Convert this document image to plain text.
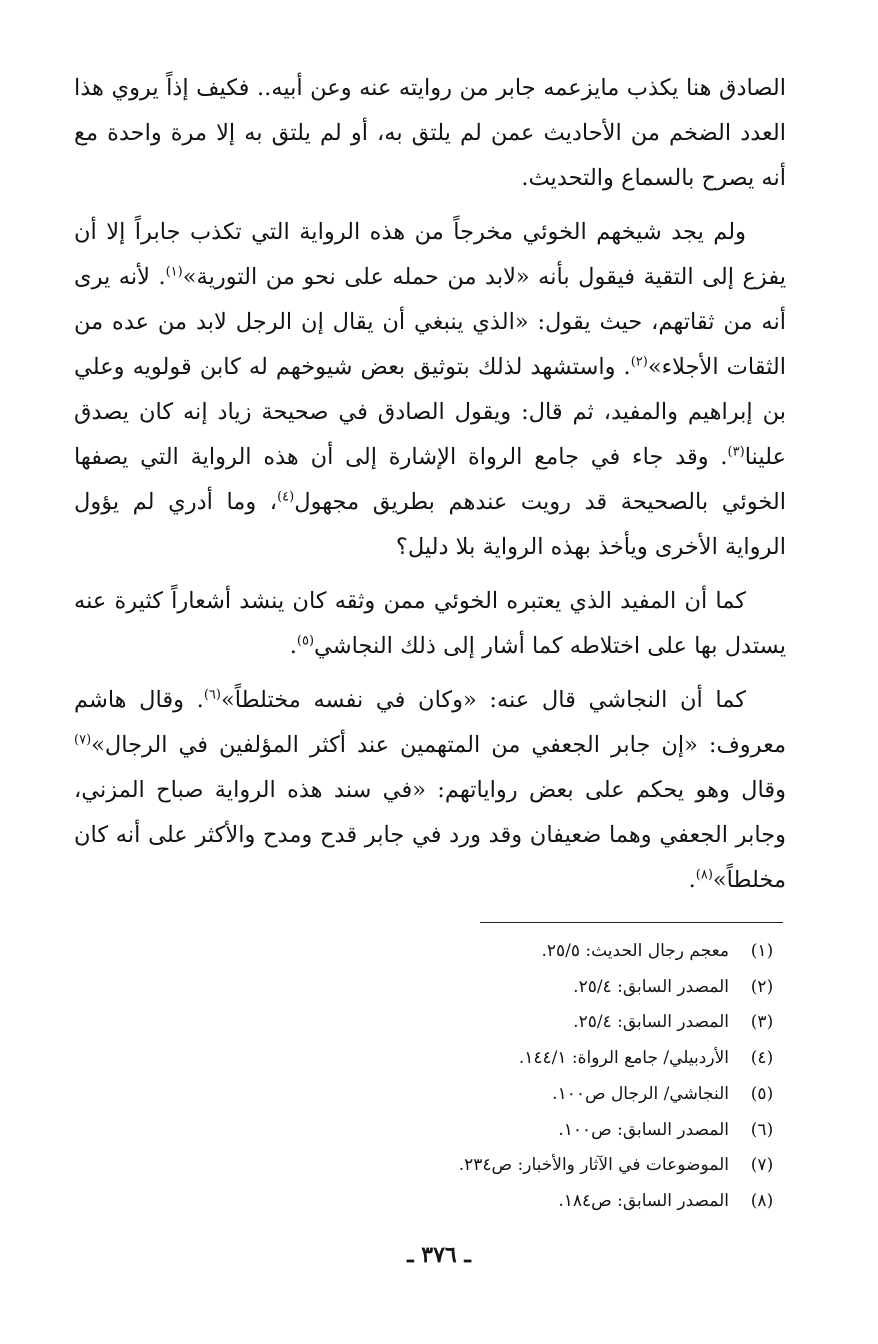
الصادق هنا يكذب مايزعمه جابر من روايته عنه وعن أبيه.. فكيف إذاً يروي هذا العدد الضخم من الأحاديث عمن لم يلتق به، أو لم يلتق به إلا مرة واحدة مع أنه يصرح بالسماع والتحديث.

ولم يجد شيخهم الخوئي مخرجاً من هذه الرواية التي تكذب جابراً إلا أن يفزع إلى التقية فيقول بأنه «لابد من حمله على نحو من التورية»$^{(١)}$. لأنه يرى أنه من ثقاتهم، حيث يقول: «الذي ينبغي أن يقال إن الرجل لابد من عده من الثقات الأجلاء»$^{(٢)}$. واستشهد لذلك بتوثيق بعض شيوخهم له كابن قولويه وعلي بن إبراهيم والمفيد، ثم قال: ويقول الصادق في صحيحة زياد إنه كان يصدق علينا$^{(٣)}$. وقد جاء في جامع الرواة الإشارة إلى أن هذه الرواية التي يصفها الخوئي بالصحيحة قد رويت عندهم بطريق مجهول$^{(٤)}$، وما أدري لم يؤول الرواية الأخرى ويأخذ بهذه الرواية بلا دليل؟

كما أن المفيد الذي يعتبره الخوئي ممن وثقه كان ينشد أشعاراً كثيرة عنه يستدل بها على اختلاطه كما أشار إلى ذلك النجاشي$^{(٥)}$.

كما أن النجاشي قال عنه: «وكان في نفسه مختلطاً»$^{(٦)}$. وقال هاشم معروف: «إن جابر الجعفي من المتهمين عند أكثر المؤلفين في الرجال»$^{(٧)}$ وقال وهو يحكم على بعض رواياتهم: «في سند هذه الرواية صباح المزني، وجابر الجعفي وهما ضعيفان وقد ورد في جابر قدح ومدح والأكثر على أنه كان مخلطاً»$^{(٨)}$.

(١)
معجم رجال الحديث: ٢٥/٥.
(٢)
المصدر السابق: ٢٥/٤.
(٣)
المصدر السابق: ٢٥/٤.
(٤)
الأردبيلي/ جامع الرواة: ١٤٤/١.
(٥)
النجاشي/ الرجال ص١٠٠.
(٦)
المصدر السابق: ص١٠٠.
(٧)
الموضوعات في الآثار والأخبار: ص٢٣٤.
(٨)
المصدر السابق: ص١٨٤.
ـ ٣٧٦ ـ
